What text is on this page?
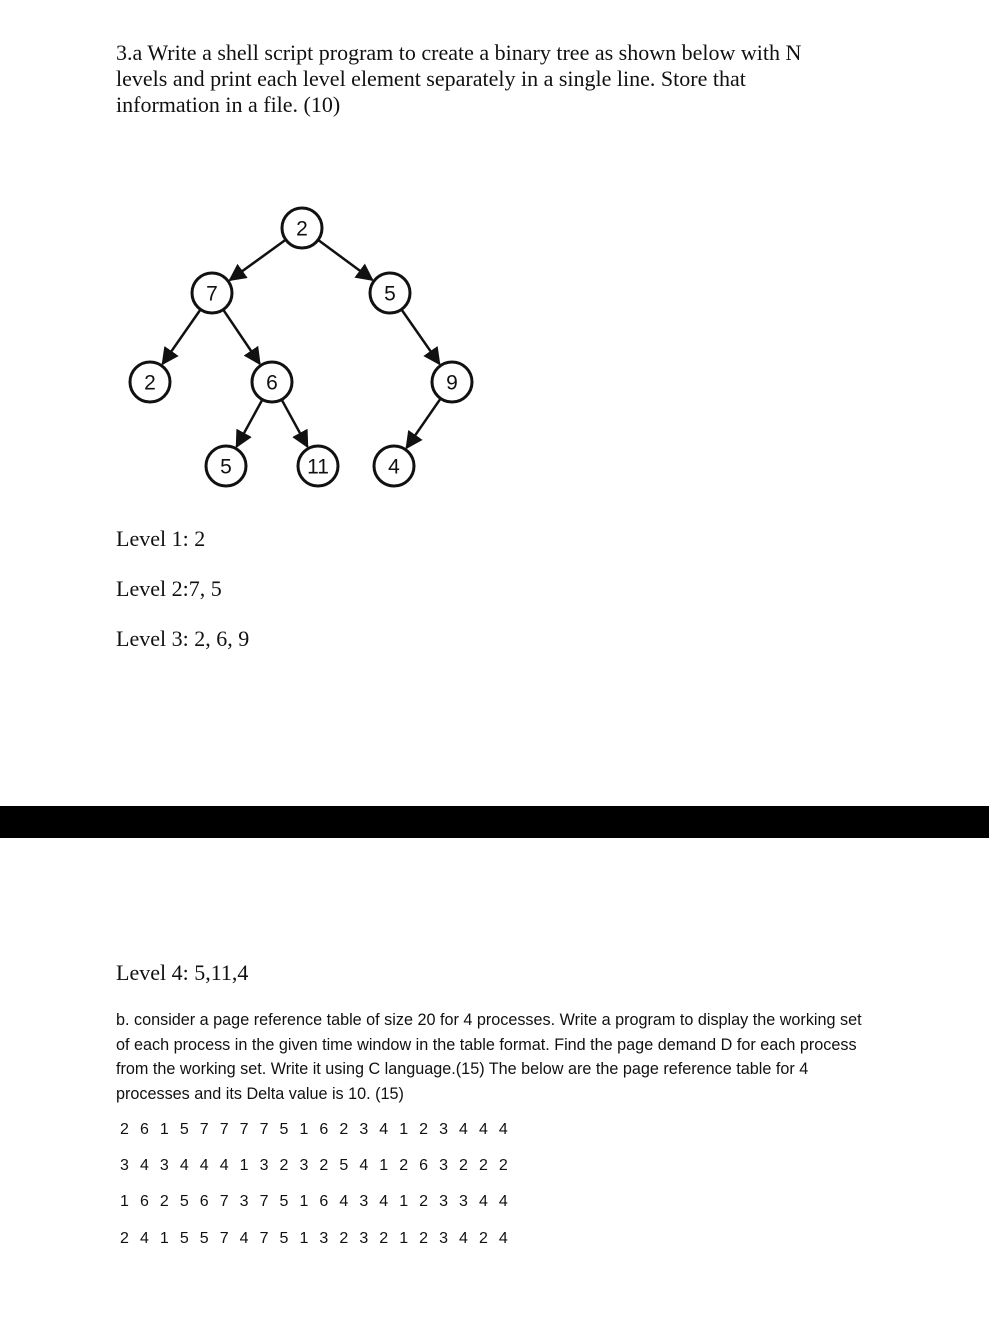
3.a Write a shell script program to create a binary tree as shown below with N levels and print each level element separately in a single line. Store that information in a file. (10)

2
7	5
2	6	9
5	11	4

Level 1: 2

Level 2:7, 5

Level 3: 2, 6, 9

Level 4: 5,11,4

b. consider a page reference table of size 20 for 4 processes. Write a program to display the working set of each process in the given time window in the table format. Find the page demand D for each process from the working set. Write it using C language.(15) The below are the page reference table for 4 processes and its Delta value is 10. (15)

2 6 1 5 7 7 7 7 5 1 6 2 3 4 1 2 3 4 4 4

3 4 3 4 4 4 1 3 2 3 2 5 4 1 2 6 3 2 2 2

1 6 2 5 6 7 3 7 5 1 6 4 3 4 1 2 3 3 4 4

2 4 1 5 5 7 4 7 5 1 3 2 3 2 1 2 3 4 2 4
